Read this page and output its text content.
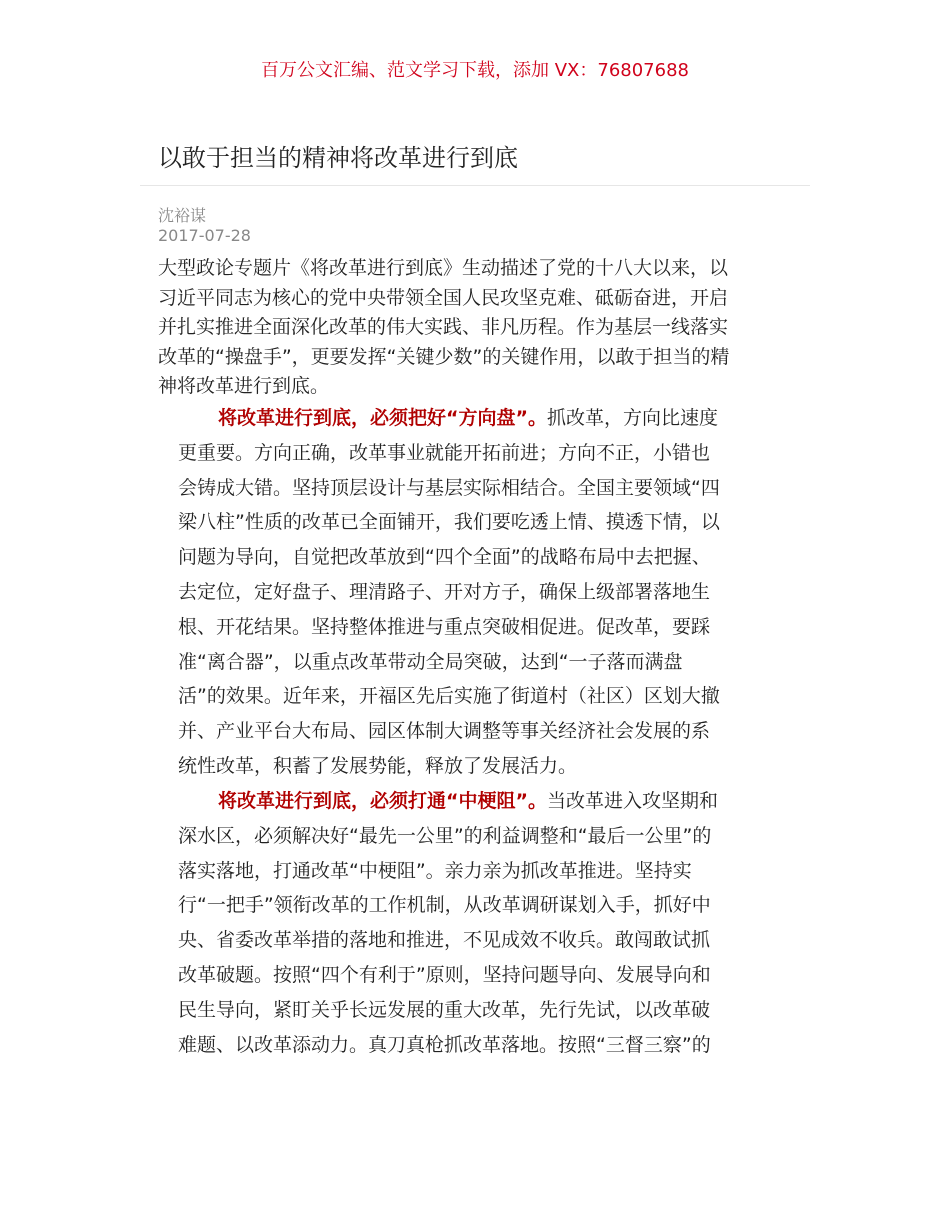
百万公文汇编、范文学习下载，添加 VX：76807688
以敢于担当的精神将改革进行到底
沈裕谋
2017-07-28
大型政论专题片《将改革进行到底》生动描述了党的十八大以来，以
习近平同志为核心的党中央带领全国人民攻坚克难、砥砺奋进，开启
并扎实推进全面深化改革的伟大实践、非凡历程。作为基层一线落实
改革的“操盘手”，更要发挥“关键少数”的关键作用，以敢于担当的精
神将改革进行到底。
将改革进行到底，必须把好“方向盘”。抓改革，方向比速度
更重要。方向正确，改革事业就能开拓前进；方向不正，小错也
会铸成大错。坚持顶层设计与基层实际相结合。全国主要领域“四
梁八柱”性质的改革已全面铺开，我们要吃透上情、摸透下情，以
问题为导向，自觉把改革放到“四个全面”的战略布局中去把握、
去定位，定好盘子、理清路子、开对方子，确保上级部署落地生
根、开花结果。坚持整体推进与重点突破相促进。促改革，要踩
准“离合器”，以重点改革带动全局突破，达到“一子落而满盘
活”的效果。近年来，开福区先后实施了街道村（社区）区划大撤
并、产业平台大布局、园区体制大调整等事关经济社会发展的系
统性改革，积蓄了发展势能，释放了发展活力。
将改革进行到底，必须打通“中梗阻”。当改革进入攻坚期和
深水区，必须解决好“最先一公里”的利益调整和“最后一公里”的
落实落地，打通改革“中梗阻”。亲力亲为抓改革推进。坚持实
行“一把手”领衔改革的工作机制，从改革调研谋划入手，抓好中
央、省委改革举措的落地和推进，不见成效不收兵。敢闯敢试抓
改革破题。按照“四个有利于”原则，坚持问题导向、发展导向和
民生导向，紧盯关乎长远发展的重大改革，先行先试，以改革破
难题、以改革添动力。真刀真枪抓改革落地。按照“三督三察”的
